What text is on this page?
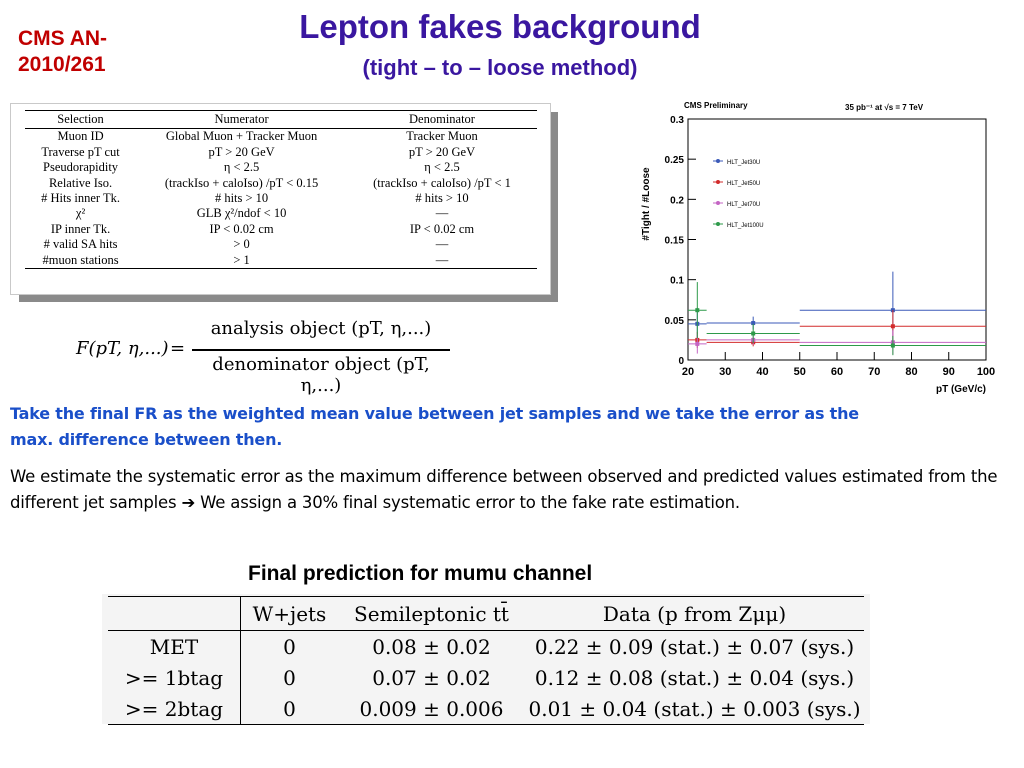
CMS AN-2010/261
Lepton fakes background
(tight – to – loose method)
Selection	Numerator	Denominator
Muon ID	Global Muon + Tracker Muon	Tracker Muon
Traverse pT cut	pT > 20 GeV	pT > 20 GeV
Pseudorapidity	η < 2.5	η < 2.5
Relative Iso.	(trackIso + caloIso) /pT < 0.15	(trackIso + caloIso) /pT < 1
# Hits inner Tk.	# hits > 10	# hits > 10
χ²	GLB χ²/ndof < 10	—
IP inner Tk.	IP < 0.02 cm	IP < 0.02 cm
# valid SA hits	> 0	—
#muon stations	> 1	—
F(pT, η,...) =
analysis object (pT, η,...)
denominator object (pT, η,...)
20 30 40 50 60 70 80 90 100
0
0.05
0.1
0.15
0.2
0.25
0.3
CMS Preliminary	35 pb⁻¹ at √s = 7 TeV
pT (GeV/c)
#Tight / #Loose
HLT_Jet30U
HLT_Jet50U
HLT_Jet70U
HLT_Jet100U
Take the final FR as the weighted mean value between jet samples and we take the error as the max. difference between then.
We estimate the systematic error as the maximum difference between observed and predicted values estimated from the different jet samples ➔ We assign a 30% final systematic error to the fake rate estimation.
Final prediction for mumu channel
	W+jets	Semileptonic tt̄	Data (p from Zμμ)
MET	0	0.08 ± 0.02	0.22 ± 0.09 (stat.) ± 0.07 (sys.)
>= 1btag	0	0.07 ± 0.02	0.12 ± 0.08 (stat.) ± 0.04 (sys.)
>= 2btag	0	0.009 ± 0.006	0.01 ± 0.04 (stat.) ± 0.003 (sys.)
